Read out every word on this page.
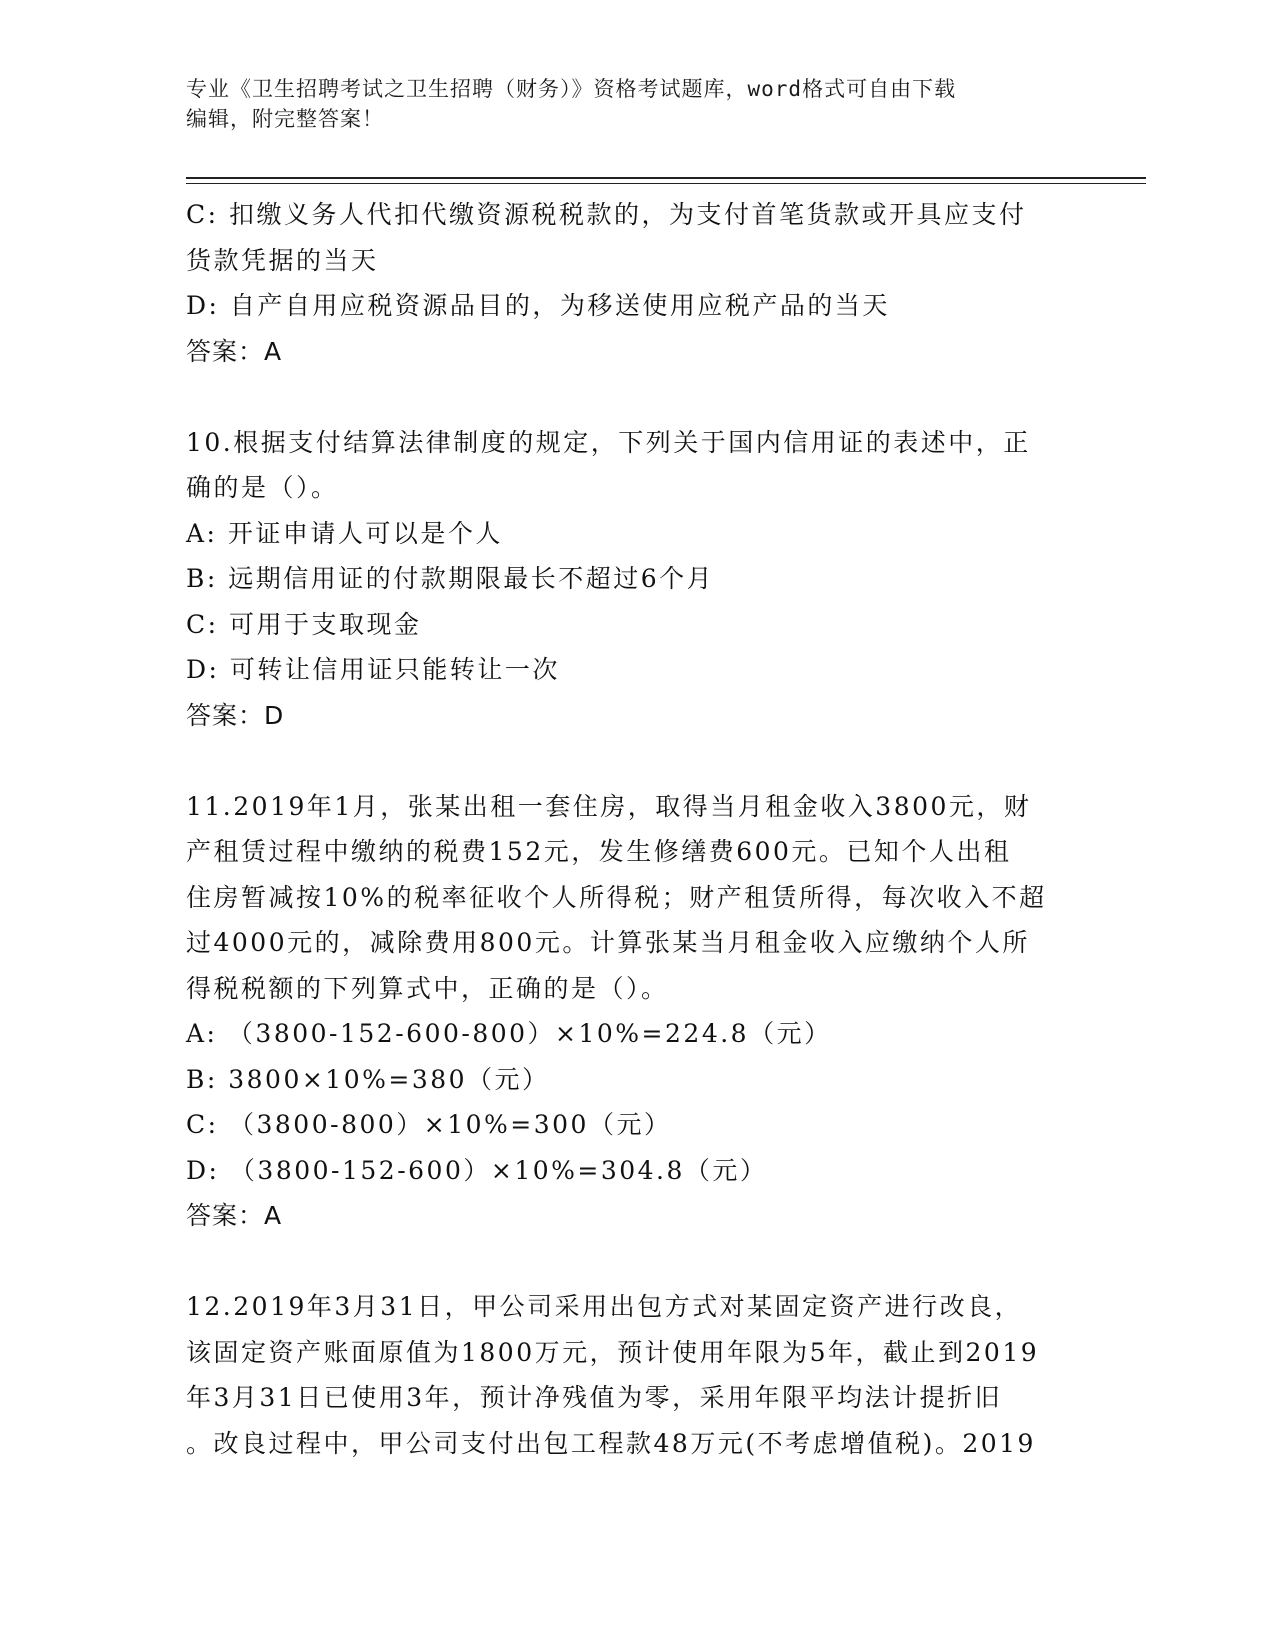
专业《卫生招聘考试之卫生招聘（财务）》资格考试题库，word格式可自由下载

编辑，附完整答案！

C: 扣缴义务人代扣代缴资源税税款的，为支付首笔货款或开具应支付

货款凭据的当天

D: 自产自用应税资源品目的，为移送使用应税产品的当天

答案：A

10.根据支付结算法律制度的规定，下列关于国内信用证的表述中，正

确的是（）。

A: 开证申请人可以是个人

B: 远期信用证的付款期限最长不超过6个月

C: 可用于支取现金

D: 可转让信用证只能转让一次

答案：D

11.2019年1月，张某出租一套住房，取得当月租金收入3800元，财

产租赁过程中缴纳的税费152元，发生修缮费600元。已知个人出租

住房暂减按10%的税率征收个人所得税；财产租赁所得，每次收入不超

过4000元的，减除费用800元。计算张某当月租金收入应缴纳个人所

得税税额的下列算式中，正确的是（）。

A: （3800-152-600-800）×10%=224.8（元）

B: 3800×10%=380（元）

C: （3800-800）×10%=300（元）

D: （3800-152-600）×10%=304.8（元）

答案：A

12.2019年3月31日，甲公司采用出包方式对某固定资产进行改良，

该固定资产账面原值为1800万元，预计使用年限为5年，截止到2019

年3月31日已使用3年，预计净残值为零，采用年限平均法计提折旧

。改良过程中，甲公司支付出包工程款48万元(不考虑增值税)。2019
